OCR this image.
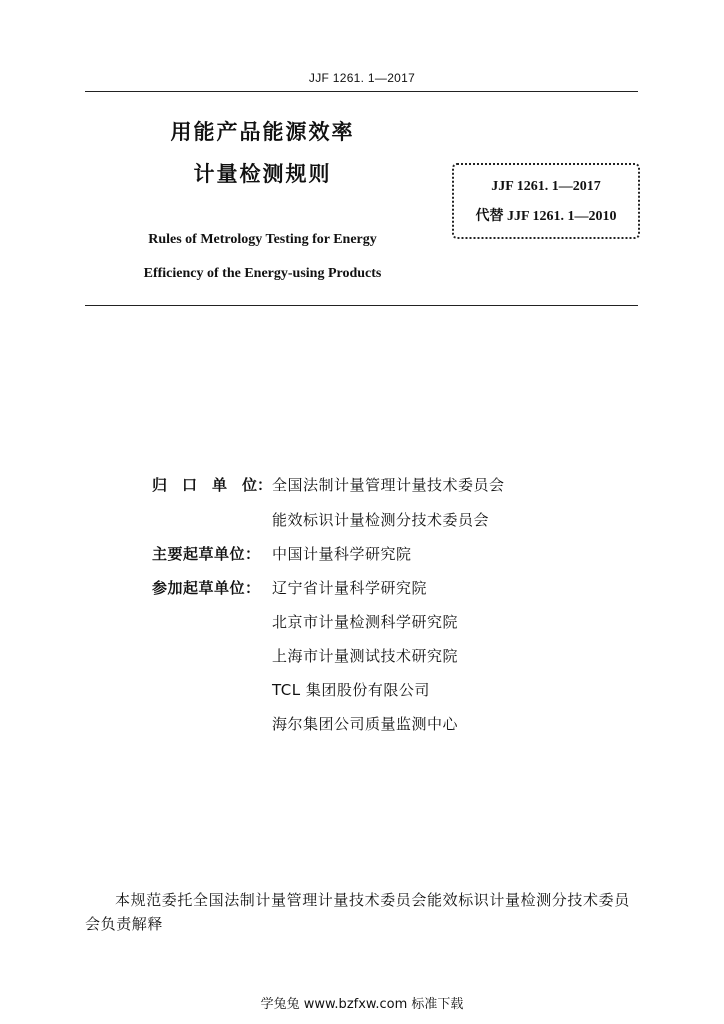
JJF 1261. 1—2017
用能产品能源效率
计量检测规则
JJF 1261. 1—2017
代替 JJF 1261. 1—2010
Rules of Metrology Testing for Energy
Efficiency of the Energy-using Products
归　口　单　位： 全国法制计量管理计量技术委员会
能效标识计量检测分技术委员会
主要起草单位： 中国计量科学研究院
参加起草单位： 辽宁省计量科学研究院
北京市计量检测科学研究院
上海市计量测试技术研究院
TCL 集团股份有限公司
海尔集团公司质量监测中心
本规范委托全国法制计量管理计量技术委员会能效标识计量检测分技术委员会负责解释
学兔兔 www.bzfxw.com 标准下载
